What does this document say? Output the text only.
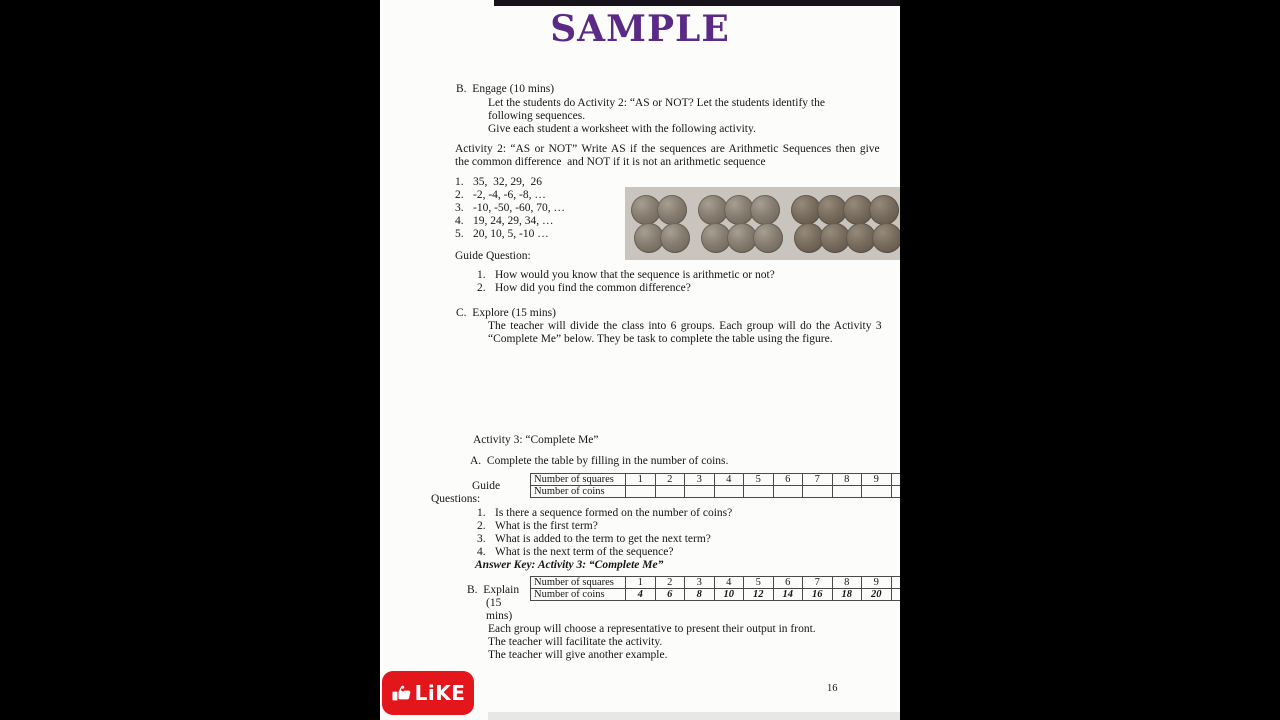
SAMPLE
B.  Engage (10 mins)
Let the students do Activity 2: “AS or NOT? Let the students identify the
following sequences.
Give each student a worksheet with the following activity.
Activity 2: “AS or NOT” Write AS if the sequences are Arithmetic Sequences then give
the common difference  and NOT if it is not an arithmetic sequence
1. 35,  32, 29,  26
2. -2, -4, -6, -8, …
3. -10, -50, -60, 70, …
4. 19, 24, 29, 34, …
5. 20, 10, 5, -10 …
Guide Question:
1. How would you know that the sequence is arithmetic or not?
2. How did you find the common difference?
C.  Explore (15 mins)
The teacher will divide the class into 6 groups. Each group will do the Activity 3
“Complete Me” below. They be task to complete the table using the figure.
Activity 3: “Complete Me”
A.  Complete the table by filling in the number of coins.
Number of squares	1	2	3	4	5	6	7	8	9	
Number of coins										
Guide
Questions:
1. Is there a sequence formed on the number of coins?
2. What is the first term?
3. What is added to the term to get the next term?
4. What is the next term of the sequence?
Answer Key: Activity 3: “Complete Me”
Number of squares	1	2	3	4	5	6	7	8	9	
Number of coins	4	6	8	10	12	14	16	18	20	
B.  Explain
(15
mins)
Each group will choose a representative to present their output in front.
The teacher will facilitate the activity.
The teacher will give another example.
16
LiKE
